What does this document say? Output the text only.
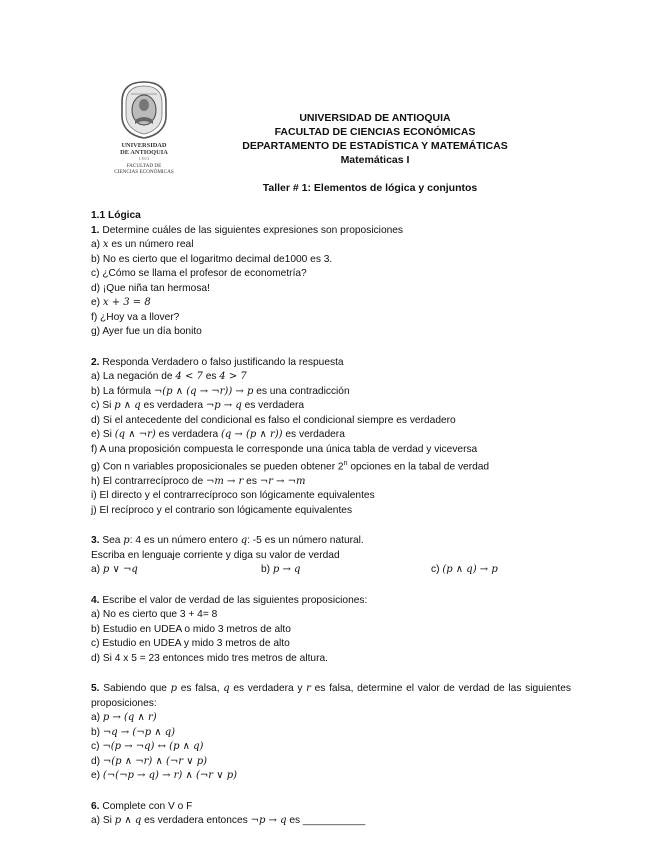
UNIVERSIDAD
DE ANTIOQUIA
1 8 0 3
FACULTAD DE
CIENCIAS ECONÓMICAS
UNIVERSIDAD DE ANTIOQUIA
FACULTAD DE CIENCIAS ECONÓMICAS
DEPARTAMENTO DE ESTADÍSTICA Y MATEMÁTICAS
Matemáticas I
Taller # 1: Elementos de lógica y conjuntos
1.1 Lógica
1. Determine cuáles de las siguientes expresiones son proposiciones
a) x es un número real
b) No es cierto que el logaritmo decimal de1000 es 3.
c) ¿Cómo se llama el profesor de econometría?
d) ¡Que niña tan hermosa!
e) x + 3 = 8
f) ¿Hoy va a llover?
g) Ayer fue un día bonito
2. Responda Verdadero o falso justificando la respuesta
a) La negación de 4 < 7 es 4 > 7
b) La fórmula ¬(p ∧ (q → ¬r)) → p es una contradicción
c) Si p ∧ q es verdadera ¬p → q es verdadera
d) Si el antecedente del condicional es falso el condicional siempre es verdadero
e) Si (q ∧ ¬r) es verdadera (q → (p ∧ r)) es verdadera
f) A una proposición compuesta le corresponde una única tabla de verdad y viceversa
g) Con n variables proposicionales se pueden obtener 2$^n$ opciones en la tabal de verdad
h) El contrarrecíproco de ¬m → r es ¬r → ¬m
i) El directo y el contrarrecíproco son lógicamente equivalentes
j) El recíproco y el contrario son lógicamente equivalentes
3. Sea p: 4 es un número entero q: -5 es un número natural.
Escriba en lenguaje corriente y diga su valor de verdad
a) p ∨ ¬q	b) p → q	c) (p ∧ q) → p
4. Escribe el valor de verdad de las siguientes proposiciones:
a) No es cierto que 3 + 4= 8
b) Estudio en UDEA o mido 3 metros de alto
c) Estudio en UDEA y mido 3 metros de alto
d) Si 4 x 5 = 23 entonces mido tres metros de altura.
5. Sabiendo que p es falsa, q es verdadera y r es falsa, determine el valor de verdad de las siguientes proposiciones:
a) p → (q ∧ r)
b) ¬q → (¬p ∧ q)
c) ¬(p → ¬q) ↔ (p ∧ q)
d) ¬(p ∧ ¬r) ∧ (¬r ∨ p)
e) (¬(¬p → q) → r) ∧ (¬r ∨ p)
6. Complete con V o F
a) Si p ∧ q es verdadera entonces ¬p → q es ___________
